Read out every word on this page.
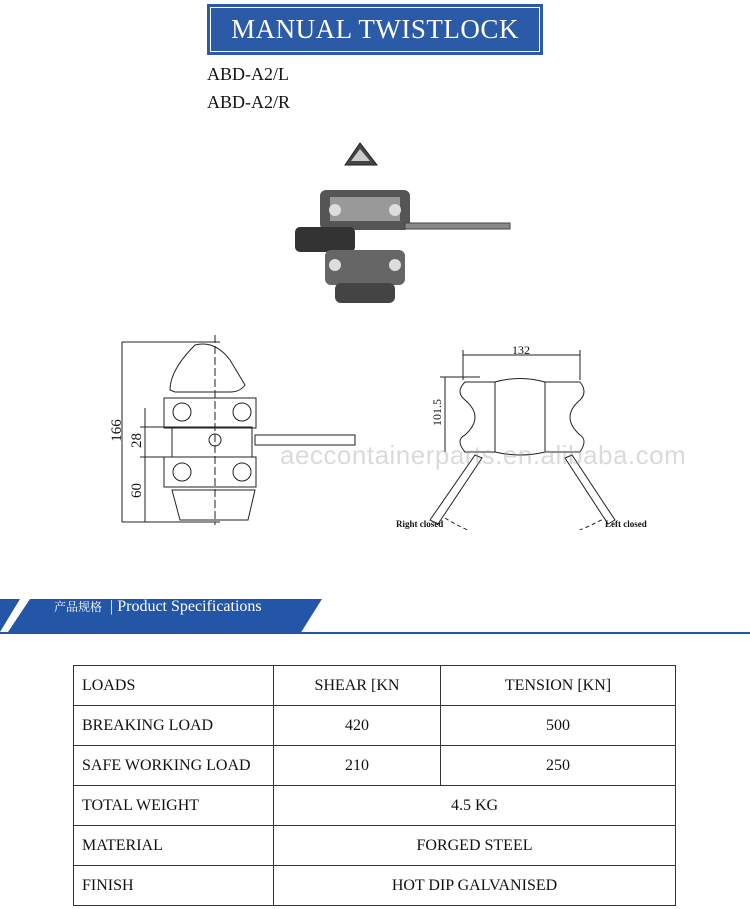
MANUAL TWISTLOCK
ABD-A2/L
ABD-A2/R
166 28
60
132
101.5
Right closed	Left closed
aeccontainerparts.en.alibaba.com
产品规格 | Product Specifications
LOADS	SHEAR [KN	TENSION [KN]
BREAKING LOAD	420	500
SAFE WORKING LOAD	210	250
TOTAL WEIGHT	4.5 KG	
MATERIAL	FORGED STEEL	
FINISH	HOT DIP GALVANISED	
